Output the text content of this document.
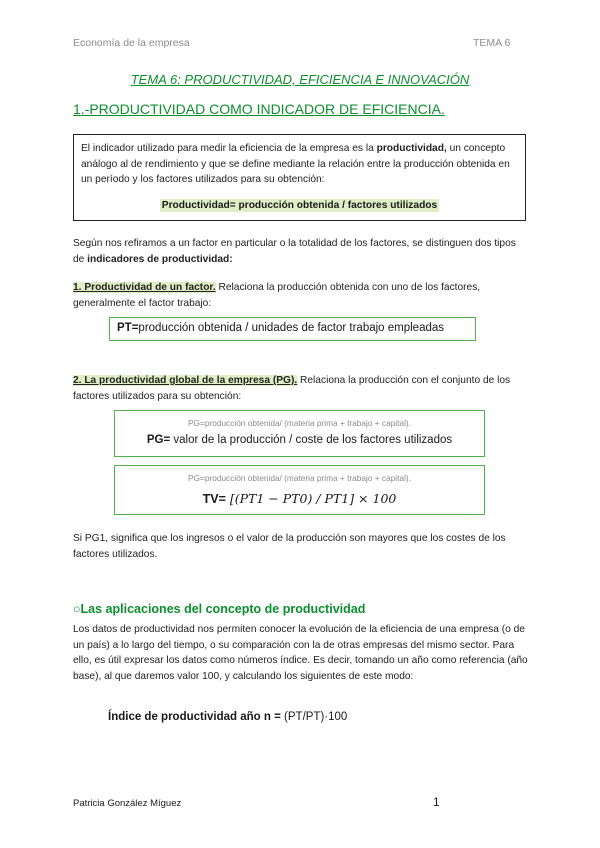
Economía de la empresa	TEMA 6
TEMA 6: PRODUCTIVIDAD, EFICIENCIA E INNOVACIÓN
1.-PRODUCTIVIDAD COMO INDICADOR DE EFICIENCIA.
El indicador utilizado para medir la eficiencia de la empresa es la productividad, un concepto análogo al de rendimiento y que se define mediante la relación entre la producción obtenida en un período y los factores utilizados para su obtención:
Productividad= producción obtenida / factores utilizados
Según nos refiramos a un factor en particular o la totalidad de los factores, se distinguen dos tipos de indicadores de productividad:
1. Productividad de un factor. Relaciona la producción obtenida con uno de los factores, generalmente el factor trabajo:
PT=producción obtenida / unidades de factor trabajo empleadas
2. La productividad global de la empresa (PG). Relaciona la producción con el conjunto de los factores utilizados para su obtención:
PG=producción obtenida/ (materia prima + trabajo + capital).
PG= valor de la producción / coste de los factores utilizados
PG=producción obtenida/ (materia prima + trabajo + capital).
TV= [(PT1 − PT0) / PT1] × 100
Si PG1, significa que los ingresos o el valor de la producción son mayores que los costes de los factores utilizados.
○Las aplicaciones del concepto de productividad
Los datos de productividad nos permiten conocer la evolución de la eficiencia de una empresa (o de un país) a lo largo del tiempo, o su comparación con la de otras empresas del mismo sector. Para ello, es útil expresar los datos como números índice. Es decir, tomando un año como referencia (año base), al que daremos valor 100, y calculando los siguientes de este modo:
Índice de productividad año n = (PT/PT)·100
Patricia González Míguez	1
